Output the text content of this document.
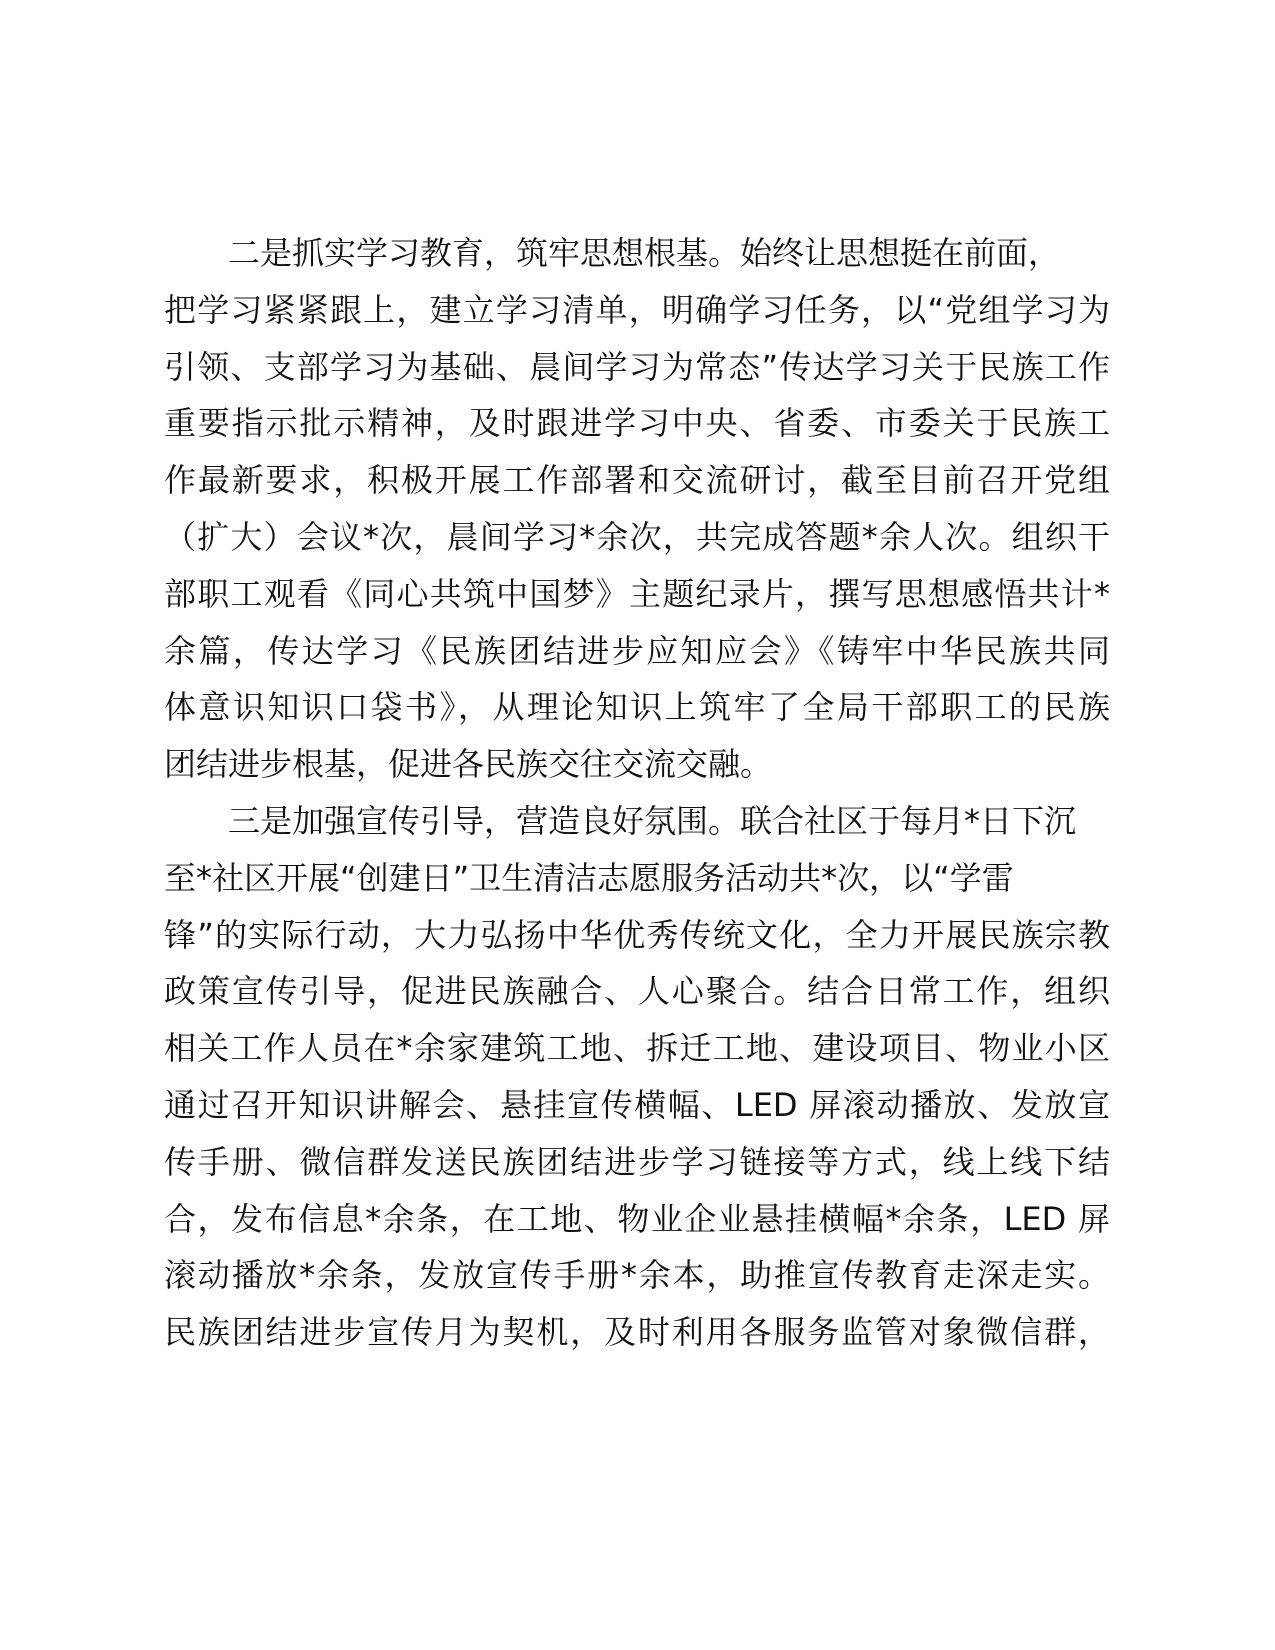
二是抓实学习教育，筑牢思想根基。始终让思想挺在前面，
把学习紧紧跟上，建立学习清单，明确学习任务，以“党组学习为
引领、支部学习为基础、晨间学习为常态”传达学习关于民族工作
重要指示批示精神，及时跟进学习中央、省委、市委关于民族工
作最新要求，积极开展工作部署和交流研讨，截至目前召开党组
（扩大）会议*次，晨间学习*余次，共完成答题*余人次。组织干
部职工观看《同心共筑中国梦》主题纪录片，撰写思想感悟共计*
余篇，传达学习《民族团结进步应知应会》《铸牢中华民族共同
体意识知识口袋书》，从理论知识上筑牢了全局干部职工的民族
团结进步根基，促进各民族交往交流交融。
三是加强宣传引导，营造良好氛围。联合社区于每月*日下沉
至*社区开展“创建日”卫生清洁志愿服务活动共*次，以“学雷
锋”的实际行动，大力弘扬中华优秀传统文化，全力开展民族宗教
政策宣传引导，促进民族融合、人心聚合。结合日常工作，组织
相关工作人员在*余家建筑工地、拆迁工地、建设项目、物业小区
通过召开知识讲解会、悬挂宣传横幅、LED 屏滚动播放、发放宣
传手册、微信群发送民族团结进步学习链接等方式，线上线下结
合，发布信息*余条，在工地、物业企业悬挂横幅*余条，LED 屏
滚动播放*余条，发放宣传手册*余本，助推宣传教育走深走实。
民族团结进步宣传月为契机，及时利用各服务监管对象微信群，
